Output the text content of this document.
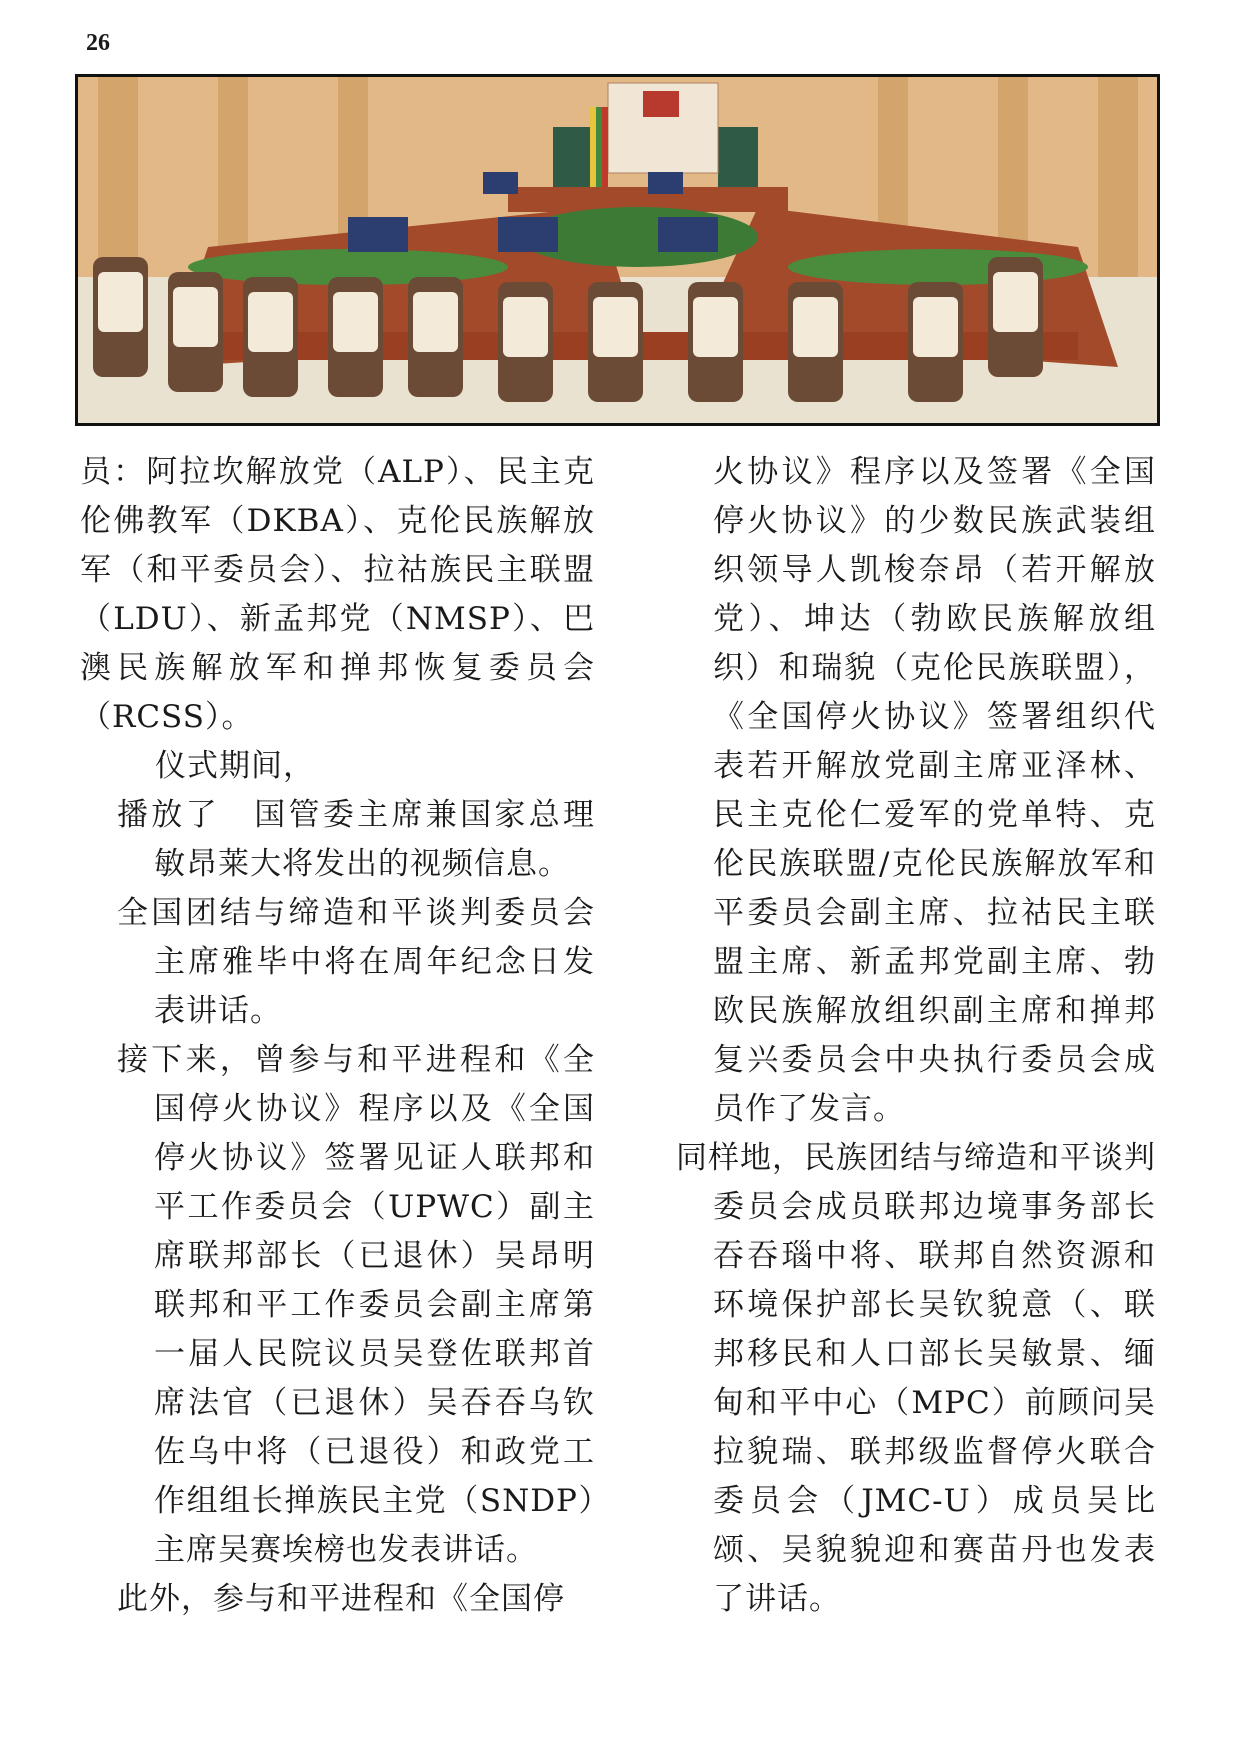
26

员：阿拉坎解放党（ALP）、民主克伦佛教军（DKBA）、克伦民族解放军（和平委员会）、拉祜族民主联盟（LDU）、新孟邦党（NMSP）、巴澳民族解放军和掸邦恢复委员会（RCSS）。

仪式期间，

播放了　国管委主席兼国家总理敏昂莱大将发出的视频信息。

全国团结与缔造和平谈判委员会主席雅毕中将在周年纪念日发表讲话。

接下来，曾参与和平进程和《全国停火协议》程序以及《全国停火协议》签署见证人联邦和平工作委员会（UPWC）副主席联邦部长（已退休）吴昂明联邦和平工作委员会副主席第一届人民院议员吴登佐联邦首席法官（已退休）吴吞吞乌钦佐乌中将（已退役）和政党工作组组长掸族民主党（SNDP）主席吴赛埃榜也发表讲话。

此外，参与和平进程和《全国停

火协议》程序以及签署《全国停火协议》的少数民族武装组织领导人凯梭奈昂（若开解放党）、坤达（勃欧民族解放组织）和瑞貌（克伦民族联盟），《全国停火协议》签署组织代表若开解放党副主席亚泽林、民主克伦仁爱军的党单特、克伦民族联盟/克伦民族解放军和平委员会副主席、拉祜民主联盟主席、新孟邦党副主席、勃欧民族解放组织副主席和掸邦复兴委员会中央执行委员会成员作了发言。

同样地，民族团结与缔造和平谈判委员会成员联邦边境事务部长吞吞瑙中将、联邦自然资源和环境保护部长吴钦貌意（、联邦移民和人口部长吴敏景、缅甸和平中心（MPC）前顾问吴拉貌瑞、联邦级监督停火联合委员会（JMC-U）成员吴比颂、吴貌貌迎和赛苗丹也发表了讲话。
